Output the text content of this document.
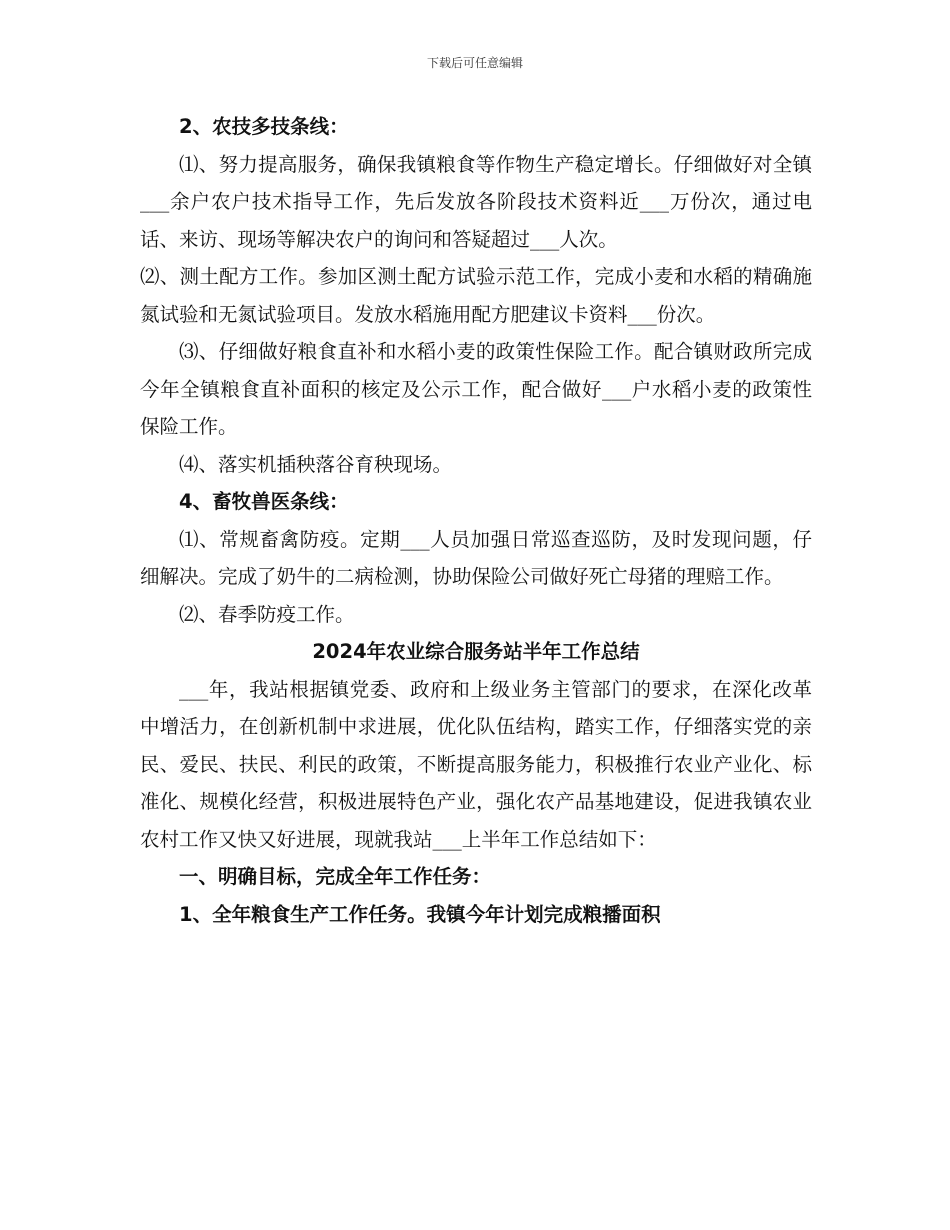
下载后可任意编辑

2、农技多技条线：

⑴、努力提高服务，确保我镇粮食等作物生产稳定增长。仔细做好对全镇___余户农户技术指导工作，先后发放各阶段技术资料近___万份次，通过电话、来访、现场等解决农户的询问和答疑超过___人次。

⑵、测土配方工作。参加区测土配方试验示范工作，完成小麦和水稻的精确施氮试验和无氮试验项目。发放水稻施用配方肥建议卡资料___份次。

⑶、仔细做好粮食直补和水稻小麦的政策性保险工作。配合镇财政所完成今年全镇粮食直补面积的核定及公示工作，配合做好___户水稻小麦的政策性保险工作。

⑷、落实机插秧落谷育秧现场。

4、畜牧兽医条线：

⑴、常规畜禽防疫。定期___人员加强日常巡查巡防，及时发现问题，仔细解决。完成了奶牛的二病检测，协助保险公司做好死亡母猪的理赔工作。

⑵、春季防疫工作。

2024年农业综合服务站半年工作总结

___年，我站根据镇党委、政府和上级业务主管部门的要求，在深化改革中增活力，在创新机制中求进展，优化队伍结构，踏实工作，仔细落实党的亲民、爱民、扶民、利民的政策，不断提高服务能力，积极推行农业产业化、标准化、规模化经营，积极进展特色产业，强化农产品基地建设，促进我镇农业农村工作又快又好进展，现就我站___上半年工作总结如下：

一、明确目标，完成全年工作任务：

1、全年粮食生产工作任务。我镇今年计划完成粮播面积
